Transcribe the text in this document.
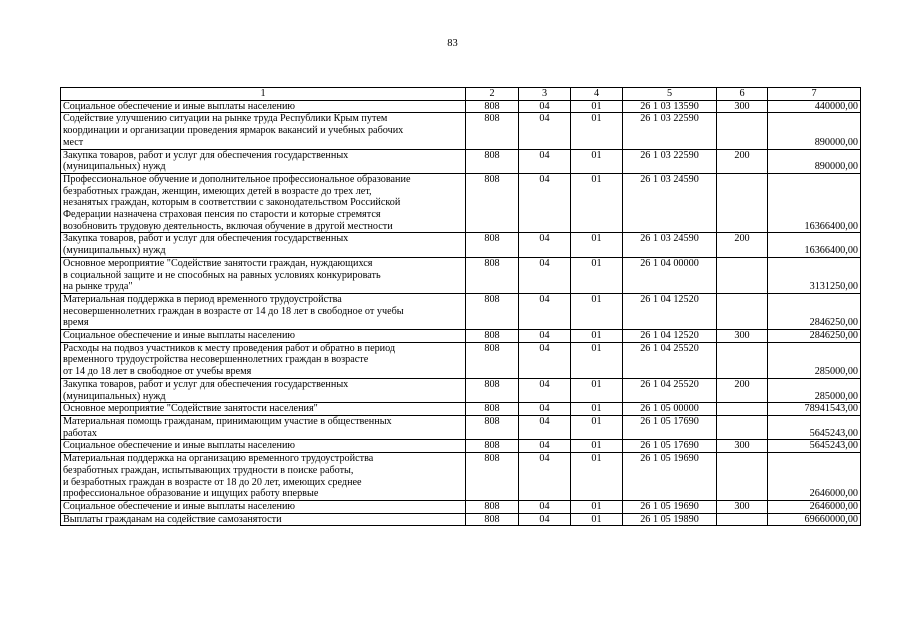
83
1	2	3	4	5	6	7
Социальное обеспечение и иные выплаты населению	808	04	01	26 1 03 13590	300	440000,00
Содействие улучшению ситуации на рынке труда Республики Крым путем
координации и организации проведения ярмарок вакансий и учебных рабочих
мест	808	04	01	26 1 03 22590		890000,00
Закупка товаров, работ и услуг для обеспечения государственных
(муниципальных) нужд	808	04	01	26 1 03 22590	200	890000,00
Профессиональное обучение и дополнительное профессиональное образование
безработных граждан, женщин, имеющих детей в возрасте до трех лет,
незанятых граждан, которым в соответствии с законодательством Российской
Федерации назначена страховая пенсия по старости и которые стремятся
возобновить трудовую деятельность, включая обучение в другой местности	808	04	01	26 1 03 24590		16366400,00
Закупка товаров, работ и услуг для обеспечения государственных
(муниципальных) нужд	808	04	01	26 1 03 24590	200	16366400,00
Основное мероприятие "Содействие занятости граждан, нуждающихся
в социальной защите и не способных на равных условиях конкурировать
на рынке труда"	808	04	01	26 1 04 00000		3131250,00
Материальная поддержка в период временного трудоустройства
несовершеннолетних граждан в возрасте от 14 до 18 лет в свободное от учебы
время	808	04	01	26 1 04 12520		2846250,00
Социальное обеспечение и иные выплаты населению	808	04	01	26 1 04 12520	300	2846250,00
Расходы на подвоз участников к месту проведения работ и обратно в период
временного трудоустройства несовершеннолетних граждан в возрасте
от 14 до 18 лет в свободное от учебы время	808	04	01	26 1 04 25520		285000,00
Закупка товаров, работ и услуг для обеспечения государственных
(муниципальных) нужд	808	04	01	26 1 04 25520	200	285000,00
Основное мероприятие "Содействие занятости населения"	808	04	01	26 1 05 00000		78941543,00
Материальная помощь гражданам, принимающим участие в общественных
работах	808	04	01	26 1 05 17690		5645243,00
Социальное обеспечение и иные выплаты населению	808	04	01	26 1 05 17690	300	5645243,00
Материальная поддержка на организацию временного трудоустройства
безработных граждан, испытывающих трудности в поиске работы,
и безработных граждан в возрасте от 18 до 20 лет, имеющих среднее
профессиональное образование и ищущих работу впервые	808	04	01	26 1 05 19690		2646000,00
Социальное обеспечение и иные выплаты населению	808	04	01	26 1 05 19690	300	2646000,00
Выплаты гражданам на содействие самозанятости	808	04	01	26 1 05 19890		69660000,00
